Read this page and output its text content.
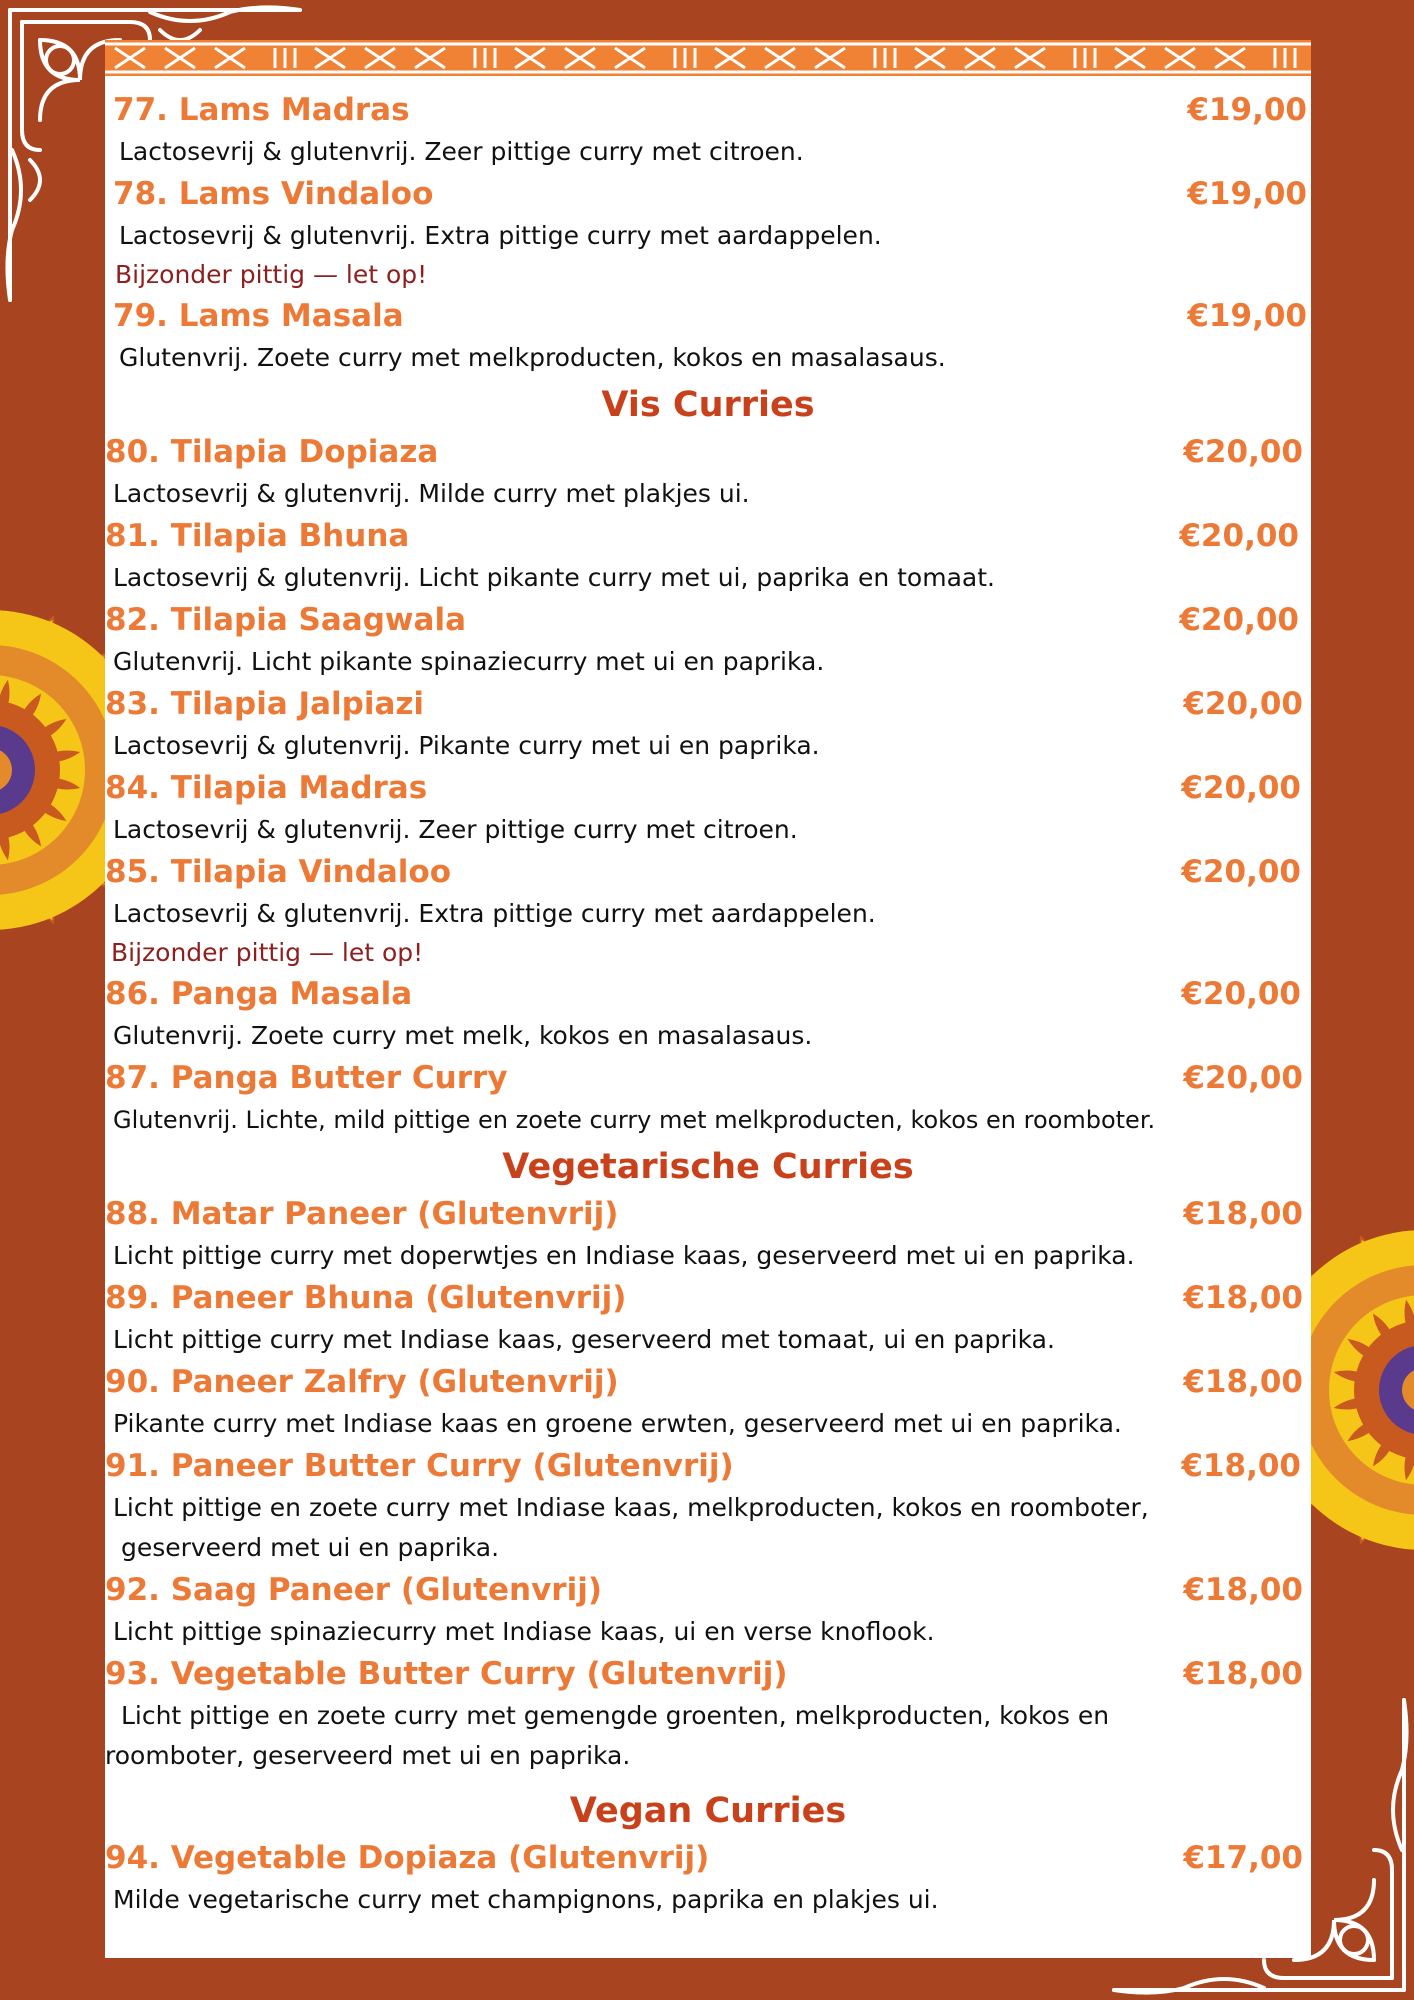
77. Lams Madras	€19,00
Lactosevrij & glutenvrij. Zeer pittige curry met citroen.
78. Lams Vindaloo	€19,00
Lactosevrij & glutenvrij. Extra pittige curry met aardappelen.
Bijzonder pittig — let op!
79. Lams Masala	€19,00
Glutenvrij. Zoete curry met melkproducten, kokos en masalasaus.
Vis Curries
80. Tilapia Dopiaza	€20,00
Lactosevrij & glutenvrij. Milde curry met plakjes ui.
81. Tilapia Bhuna	€20,00
Lactosevrij & glutenvrij. Licht pikante curry met ui, paprika en tomaat.
82. Tilapia Saagwala	€20,00
Glutenvrij. Licht pikante spinaziecurry met ui en paprika.
83. Tilapia Jalpiazi	€20,00
Lactosevrij & glutenvrij. Pikante curry met ui en paprika.
84. Tilapia Madras	€20,00
Lactosevrij & glutenvrij. Zeer pittige curry met citroen.
85. Tilapia Vindaloo	€20,00
Lactosevrij & glutenvrij. Extra pittige curry met aardappelen.
Bijzonder pittig — let op!
86. Panga Masala	€20,00
Glutenvrij. Zoete curry met melk, kokos en masalasaus.
87. Panga Butter Curry	€20,00
Glutenvrij. Lichte, mild pittige en zoete curry met melkproducten, kokos en roomboter.
Vegetarische Curries
88. Matar Paneer (Glutenvrij)	€18,00
Licht pittige curry met doperwtjes en Indiase kaas, geserveerd met ui en paprika.
89. Paneer Bhuna (Glutenvrij)	€18,00
Licht pittige curry met Indiase kaas, geserveerd met tomaat, ui en paprika.
90. Paneer Zalfry (Glutenvrij)	€18,00
Pikante curry met Indiase kaas en groene erwten, geserveerd met ui en paprika.
91. Paneer Butter Curry (Glutenvrij)	€18,00
Licht pittige en zoete curry met Indiase kaas, melkproducten, kokos en roomboter,
geserveerd met ui en paprika.
92. Saag Paneer (Glutenvrij)	€18,00
Licht pittige spinaziecurry met Indiase kaas, ui en verse knoflook.
93. Vegetable Butter Curry (Glutenvrij)	€18,00
Licht pittige en zoete curry met gemengde groenten, melkproducten, kokos en
roomboter, geserveerd met ui en paprika.
Vegan Curries
94. Vegetable Dopiaza (Glutenvrij)	€17,00
Milde vegetarische curry met champignons, paprika en plakjes ui.
